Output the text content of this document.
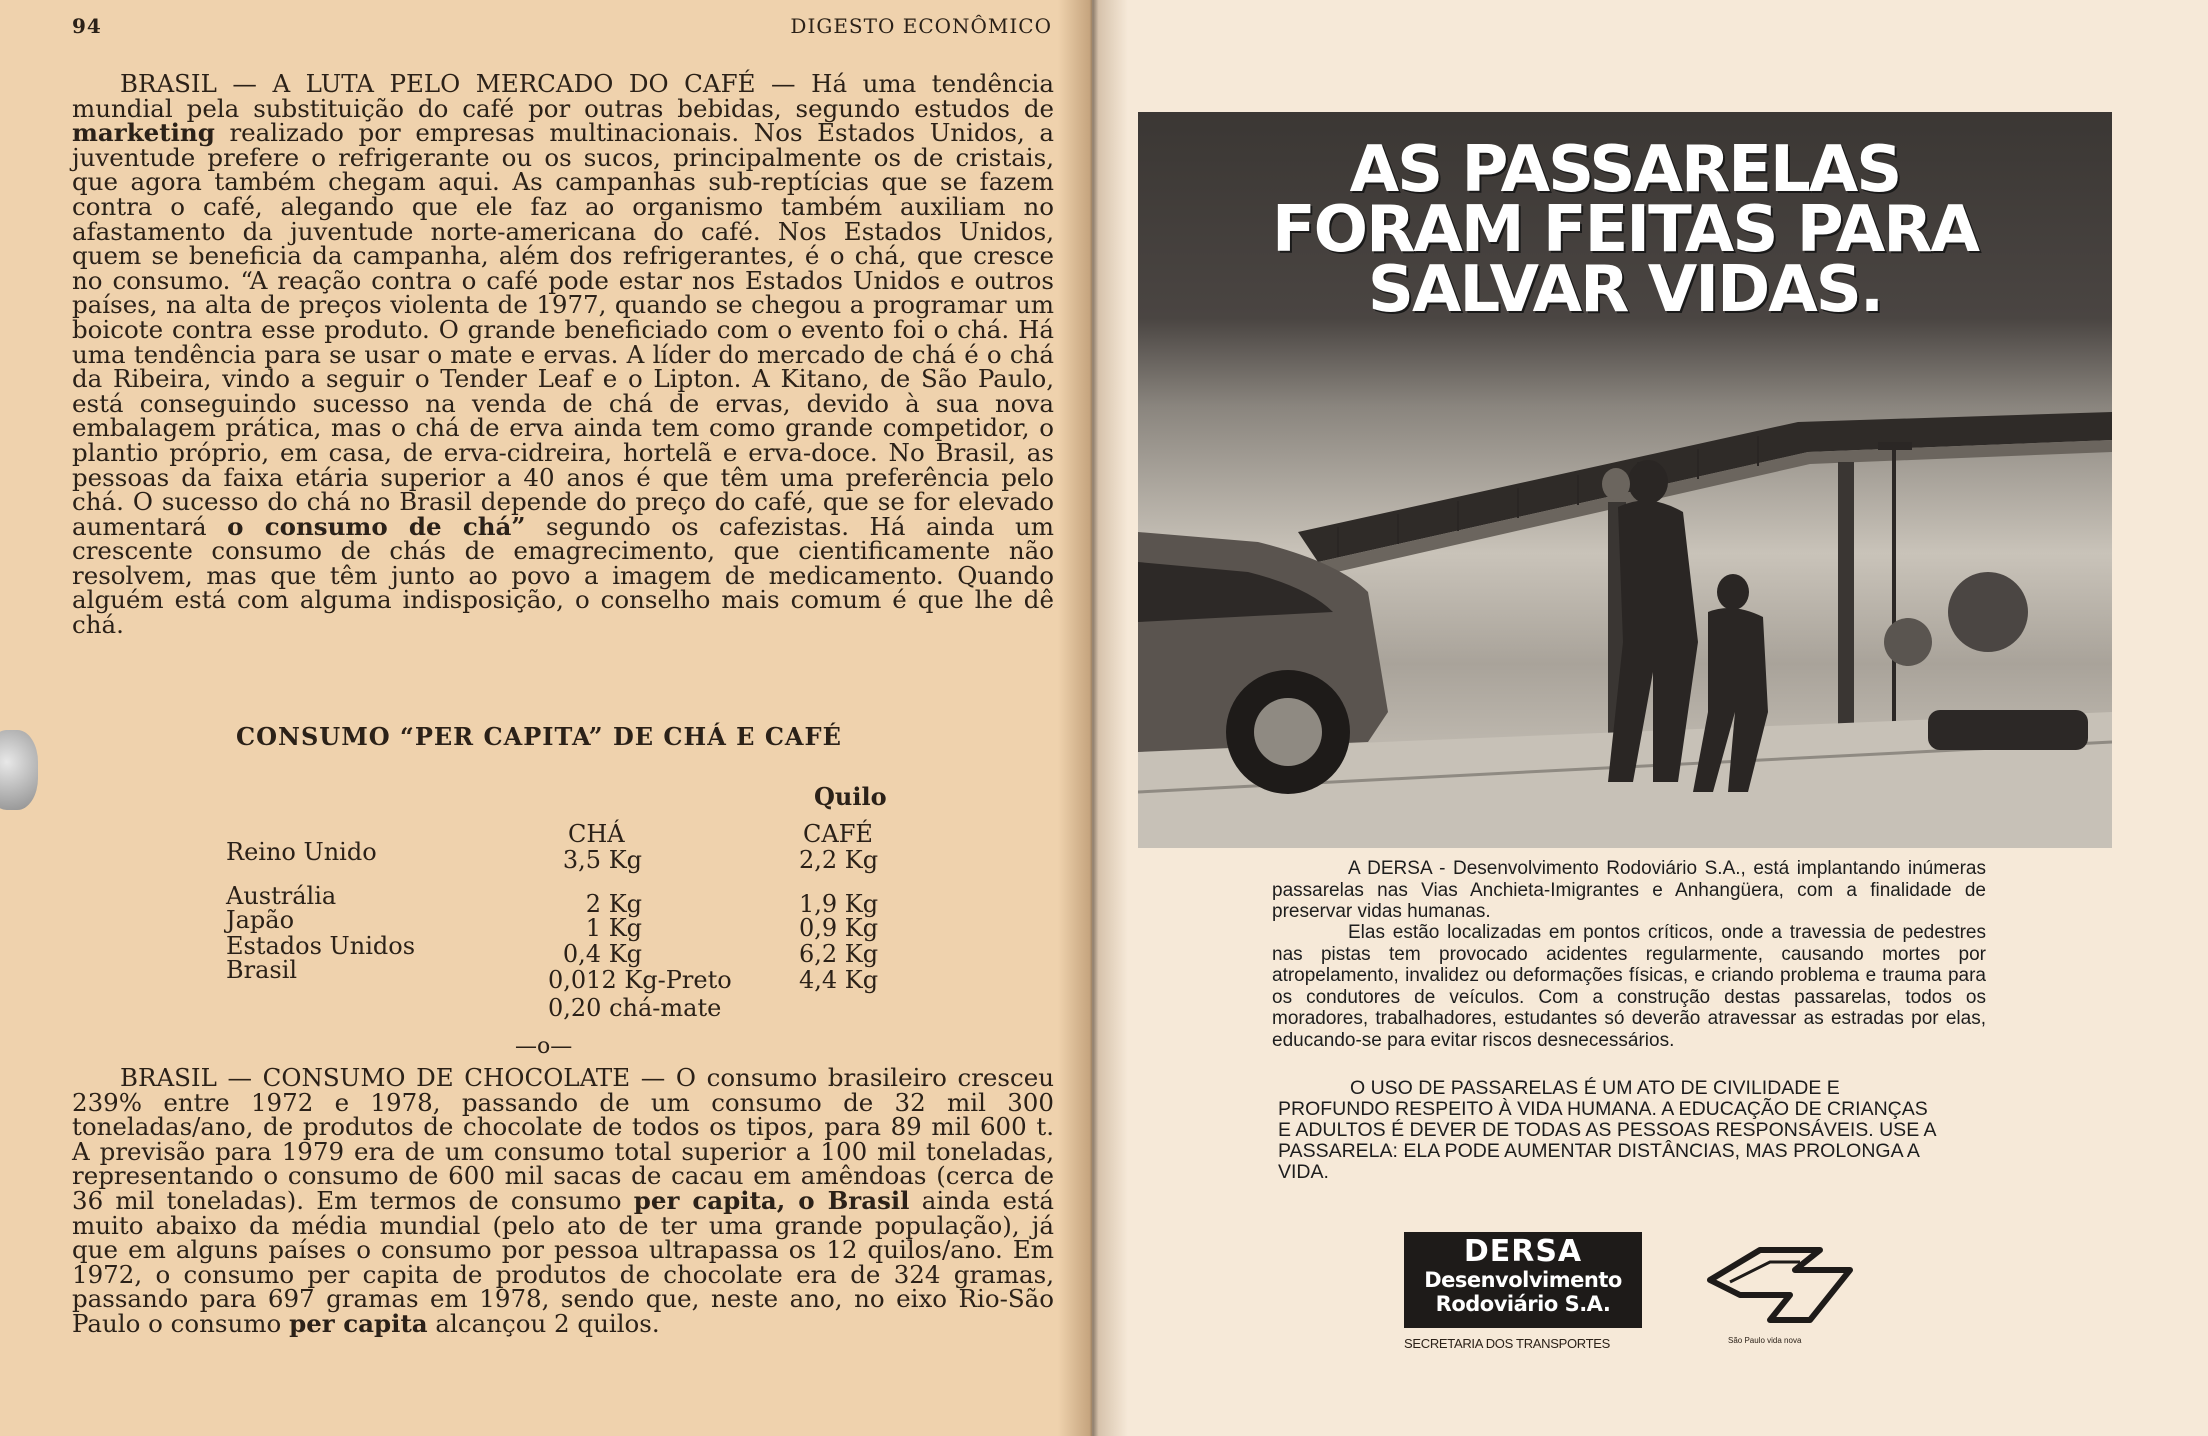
94	DIGESTO ECONÔMICO

BRASIL — A LUTA PELO MERCADO DO CAFÉ — Há uma tendência mundial pela substituição do café por outras bebidas, segundo estudos de marketing realizado por empresas multinacionais. Nos Estados Unidos, a juventude prefere o refrigerante ou os sucos, principalmente os de cristais, que agora também chegam aqui. As campanhas sub-reptícias que se fazem contra o café, alegando que ele faz ao organismo também auxiliam no afastamento da juventude norte-americana do café. Nos Estados Unidos, quem se beneficia da campanha, além dos refrigerantes, é o chá, que cresce no consumo. “A reação contra o café pode estar nos Estados Unidos e outros países, na alta de preços violenta de 1977, quando se chegou a programar um boicote contra esse produto. O grande beneficiado com o evento foi o chá. Há uma tendência para se usar o mate e ervas. A líder do mercado de chá é o chá da Ribeira, vindo a seguir o Tender Leaf e o Lipton. A Kitano, de São Paulo, está conseguindo sucesso na venda de chá de ervas, devido à sua nova embalagem prática, mas o chá de erva ainda tem como grande competidor, o plantio próprio, em casa, de erva-cidreira, hortelã e erva-doce. No Brasil, as pessoas da faixa etária superior a 40 anos é que têm uma preferência pelo chá. O sucesso do chá no Brasil depende do preço do café, que se for elevado aumentará o consumo de chá” segundo os cafezistas. Há ainda um crescente consumo de chás de emagrecimento, que cientificamente não resolvem, mas que têm junto ao povo a imagem de medicamento. Quando alguém está com alguma indisposição, o conselho mais comum é que lhe dê chá.

CONSUMO “PER CAPITA” DE CHÁ E CAFÉ
Quilo
CHÁ	CAFÉ
Reino Unido	3,5 Kg	2,2 Kg
Austrália	2 Kg	1,9 Kg
Japão	1 Kg	0,9 Kg
Estados Unidos	0,4 Kg	6,2 Kg
Brasil	0,012 Kg-Preto	4,4 Kg
0,20 chá-mate
—o—

BRASIL — CONSUMO DE CHOCOLATE — O consumo brasileiro cresceu 239% entre 1972 e 1978, passando de um consumo de 32 mil 300 toneladas/ano, de produtos de chocolate de todos os tipos, para 89 mil 600 t. A previsão para 1979 era de um consumo total superior a 100 mil toneladas, representando o consumo de 600 mil sacas de cacau em amêndoas (cerca de 36 mil toneladas). Em termos de consumo per capita, o Brasil ainda está muito abaixo da média mundial (pelo ato de ter uma grande população), já que em alguns países o consumo por pessoa ultrapassa os 12 quilos/ano. Em 1972, o consumo per capita de produtos de chocolate era de 324 gramas, passando para 697 gramas em 1978, sendo que, neste ano, no eixo Rio-São Paulo o consumo per capita alcançou 2 quilos.

AS PASSARELAS
FORAM FEITAS PARA
SALVAR VIDAS.

A DERSA - Desenvolvimento Rodoviário S.A., está implantando inúmeras passarelas nas Vias Anchieta-Imigrantes e Anhangüera, com a finalidade de preservar vidas humanas.

Elas estão localizadas em pontos críticos, onde a travessia de pedestres nas pistas tem provocado acidentes regularmente, causando mortes por atropelamento, invalidez ou deformações físicas, e criando problema e trauma para os condutores de veículos. Com a construção destas passarelas, todos os moradores, trabalhadores, estudantes só deverão atravessar as estradas por elas, educando-se para evitar riscos desnecessários.

O USO DE PASSARELAS É UM ATO DE CIVILIDADE E PROFUNDO RESPEITO À VIDA HUMANA. A EDUCAÇÃO DE CRIANÇAS E ADULTOS É DEVER DE TODAS AS PESSOAS RESPONSÁVEIS. USE A PASSARELA: ELA PODE AUMENTAR DISTÂNCIAS, MAS PROLONGA A VIDA.

DERSA
Desenvolvimento
Rodoviário S.A.
SECRETARIA DOS TRANSPORTES	São Paulo vida nova
